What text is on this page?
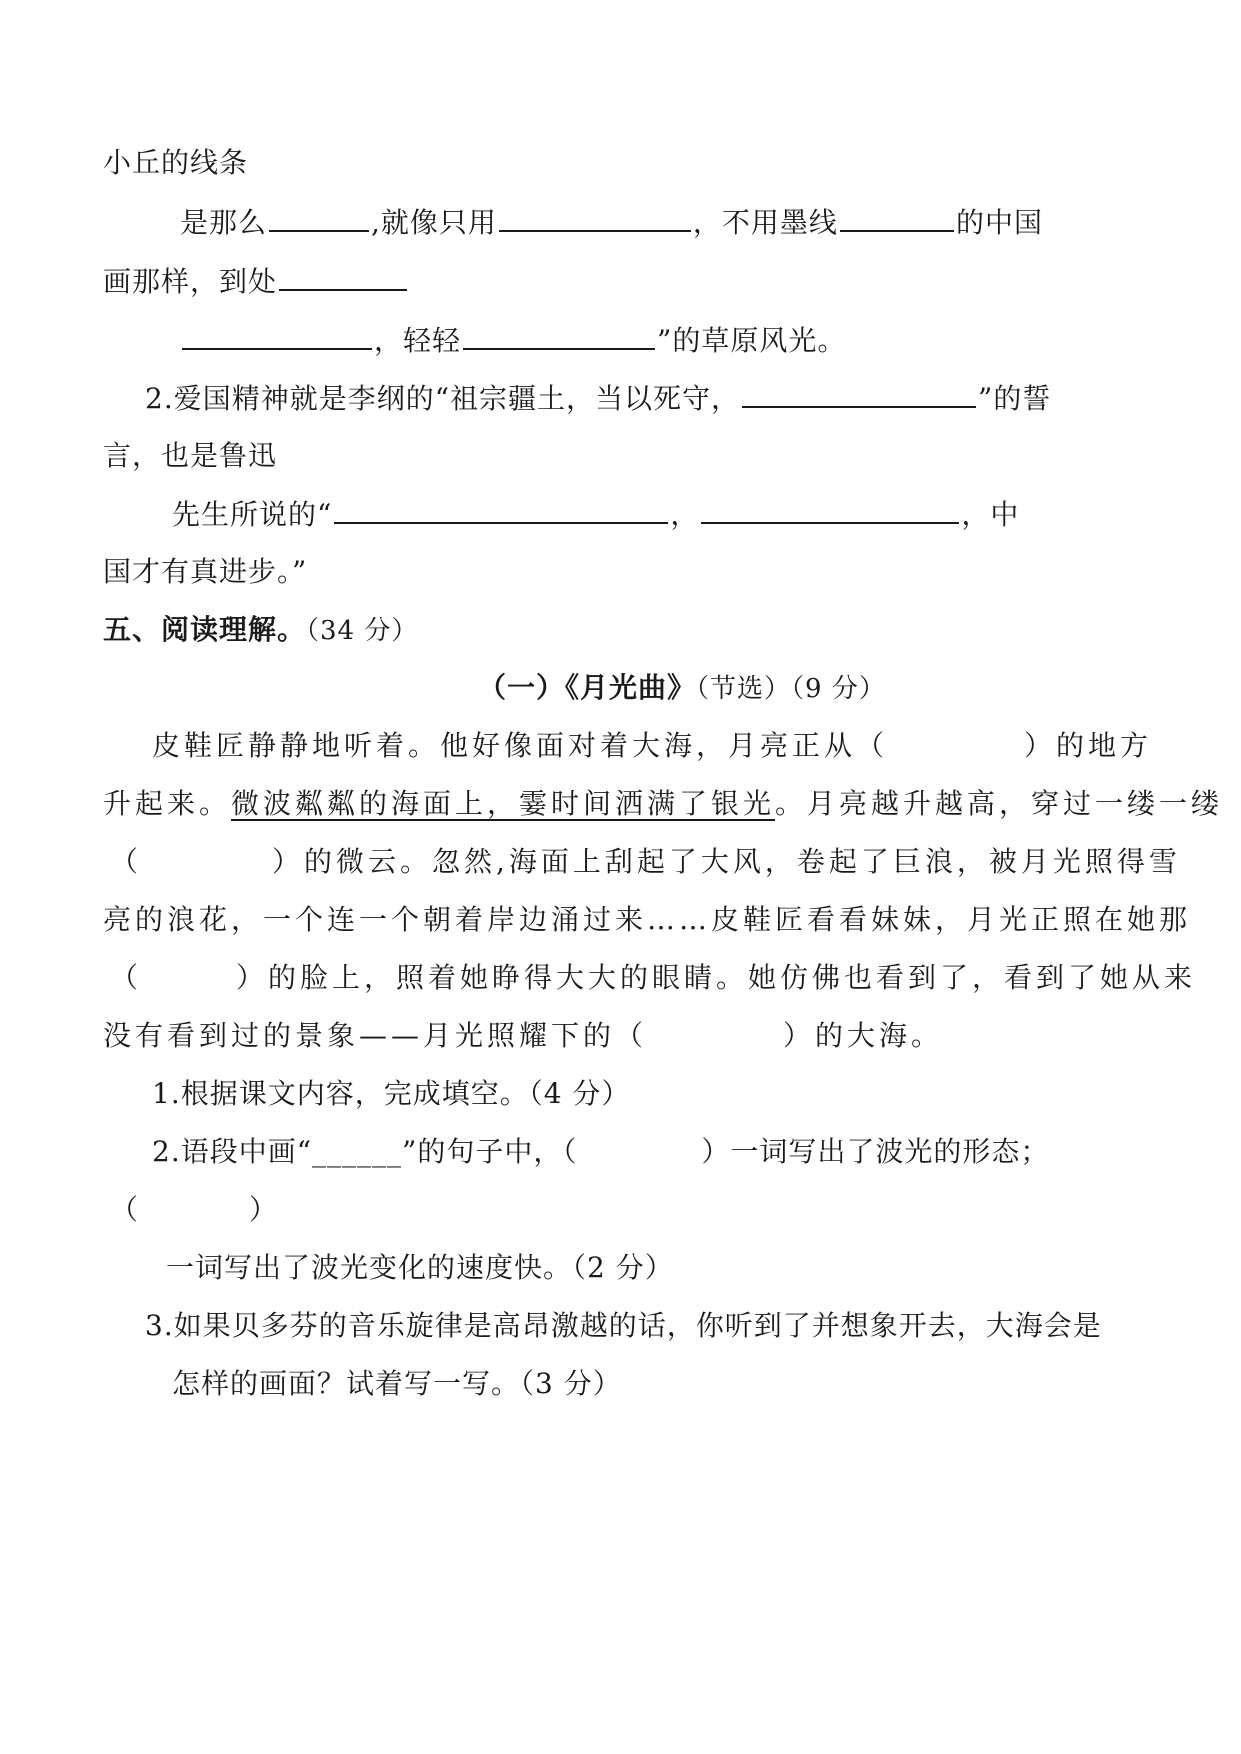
小丘的线条
是那么	,就像只用	，不用墨线	的中国
画那样，到处
，轻轻	”的草原风光。
2.爱国精神就是李纲的“祖宗疆土，当以死守，	”的誓
言，也是鲁迅
先生所说的“	，	，中
国才有真进步。”
五、阅读理解。（34 分）
（一）《月光曲》（节选）（9 分）
皮鞋匠静静地听着。他好像面对着大海，月亮正从（	）的地方
升起来。微波粼粼的海面上，霎时间洒满了银光。月亮越升越高，穿过一缕一缕
（	）的微云。忽然,海面上刮起了大风，卷起了巨浪，被月光照得雪
亮的浪花，一个连一个朝着岸边涌过来……皮鞋匠看看妹妹，月光正照在她那
（	）的脸上，照着她睁得大大的眼睛。她仿佛也看到了，看到了她从来
没有看到过的景象——月光照耀下的（	）的大海。
1.根据课文内容，完成填空。（4 分）
2.语段中画“______”的句子中，（	）一词写出了波光的形态；
（	）
一词写出了波光变化的速度快。（2 分）
3.如果贝多芬的音乐旋律是高昂激越的话，你听到了并想象开去，大海会是
怎样的画面？试着写一写。（3 分）
